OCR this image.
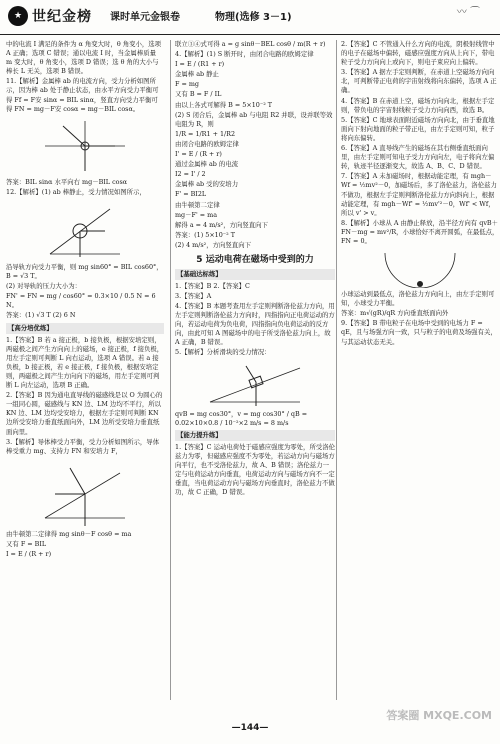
★ 世纪金榜 课时单元金银卷	物理(选修 3－1)	〰 ⌒

中的电流 I 满足的条件为 α 角变大时，θ 角变小，选项 A 正确；选项 C 错误；通以电流 I 时，当金属棒质量 m 变大时，θ 角变小，选项 D 错误；选 θ 角的大小与棒长 L 无关，选项 B 错误。

11.【解析】金属棒 ab 的电流方向，受力分析如图所示，因为棒 ab 处于静止状态，由水平方向受力平衡可得 Ff = F安 sinα = BIL sinα，竖直方向受力平衡可得 FN = mg－F安 cosα = mg－BIL cosα。

答案：BIL sinα 水平向右 mg－BIL cosα

12.【解析】(1) ab 棒静止，受力情况如图所示，

沿导轨方向受力平衡，则 mg sin60° = BIL cos60°，B = √3 T。

(2) 对导轨的压力大小为：

FN' = FN = mg / cos60° = 0.3×10 / 0.5 N = 6 N。

答案：(1) √3 T (2) 6 N

【高分培优练】

1.【答案】B 若 a 接正极，b 接负极，根据安培定则，两磁极之间产生方向向上的磁场，e 接正极，f 接负极，用左手定则可判断 L 向右运动，选项 A 错误。若 a 接负极，b 接正极，若 e 接正极，f 接负极，根据安培定则，两磁极之间产生方向向下的磁场，用左手定则可判断 L 向左运动，选项 B 正确。

2.【答案】B 因为通电直导线的磁感线是以 O 为圆心的一组同心圆，磁感线与 KN 边、LM 边均不平行，所以 KN 边、LM 边均受安培力，根据左手定则可判断 KN 边所受安培力垂直纸面向外，LM 边所受安培力垂直纸面向里。

3.【解析】导体棒受力平衡，受力分析如图所示，导体棒受重力 mg、支持力 FN 和安培力 F，

由牛顿第二定律得 mg sinθ－F cosθ = ma

又有 F = BIL

I = E / (R + r)

联立③④式可得 a = g sinθ－BEL cosθ / m(R + r)

4.【解析】(1) S 断开时，由闭合电路的欧姆定律

I = E / (R1 + r)

金属棒 ab 静止

F = mg

又有 B = F / IL

由以上各式可解得 B = 5×10⁻² T

(2) S 闭合后，金属棒 ab 与电阻 R2 并联，设并联等效电阻为 R，则

1/R = 1/R1 + 1/R2

由闭合电路的欧姆定律

I' = E / (R + r)

通过金属棒 ab 的电流

I2 = I' / 2

金属棒 ab 受的安培力

F' = BI2L

由牛顿第二定律

mg－F' = ma

解得 a = 4 m/s²，方向竖直向下

答案：(1) 5×10⁻² T

(2) 4 m/s²，方向竖直向下

5 运动电荷在磁场中受到的力
【基础达标练】

1.【答案】B 2.【答案】C

3.【答案】A

4.【答案】B 本题考查用左手定则判断洛伦兹力方向，用左手定则判断洛伦兹力方向时，四指指向正电荷运动的方向，若运动电荷为负电荷，四指指向负电荷运动的反方向，由此可知 A 图磁场中的电子所受洛伦兹力向上，故 A 正确，B 错误。

5.【解析】分析滑块的受力情况：

qvB = mg cos30°，v = mg cos30° / qB = 0.02×10×0.8 / 10⁻²×2 m/s = 8 m/s

【能力提升练】

1.【答案】C 运动电荷处于磁感应强度为零处，所受洛伦兹力为零，但磁感应强度不为零处，若运动方向与磁场方向平行，也不受洛伦兹力，故 A、B 错误；洛伦兹力一定与电荷运动方向垂直，电荷运动方向与磁场方向不一定垂直，当电荷运动方向与磁场方向垂直时，洛伦兹力不做功，故 C 正确，D 错误。

2.【答案】C 不管通入什么方向的电流，阴极射线管中的电子在磁场中偏转，磁感应强度方向从上向下，带电粒子受力方向向上或向下，则电子束应向上偏转。

3.【答案】A 据左手定则判断，在赤道上空磁场方向向北，可判断带正电荷的宇宙射线将向东偏转，选项 A 正确。

4.【答案】B 在赤道上空，磁场方向向北，根据左手定则，带负电的宇宙射线粒子受力方向向西，故选 B。

5.【答案】C 地球表面附近磁场方向向北，由于垂直地面向下射向地面的粒子带正电，由左手定则可知，粒子将向东偏转。

6.【答案】A 直导线产生的磁场在其右侧垂直纸面向里，由左手定则可知电子受力方向向左，电子将向左偏转，轨迹半径逐渐变大，故选 A、B、C、D 错误。

7.【答案】A 未加磁场时，根据动能定理，有 mgh－Wf = ½mv²－0，加磁场后，多了洛伦兹力，洛伦兹力不做功，根据左手定则判断洛伦兹力方向斜向上，根据动能定理，有 mgh－Wf' = ½mv'²－0，Wf' < Wf，所以 v' > v。

8.【解析】小球从 A 由静止释放，沿半径方向有 qvB＋FN－mg = mv²/R，小球恰好不离开圆弧，在最低点，FN = 0。

小球运动到最低点，洛伦兹力方向向上，由左手定则可知，小球受力平衡。

答案：m√(gR)/qR 方向垂直纸面向外

9.【答案】B 带电粒子在电场中受到的电场力 F = qE，且与场强方向一致，只与粒子的电荷及场强有关，与其运动状态无关。

—144—
答案圈 MXQE.COM
